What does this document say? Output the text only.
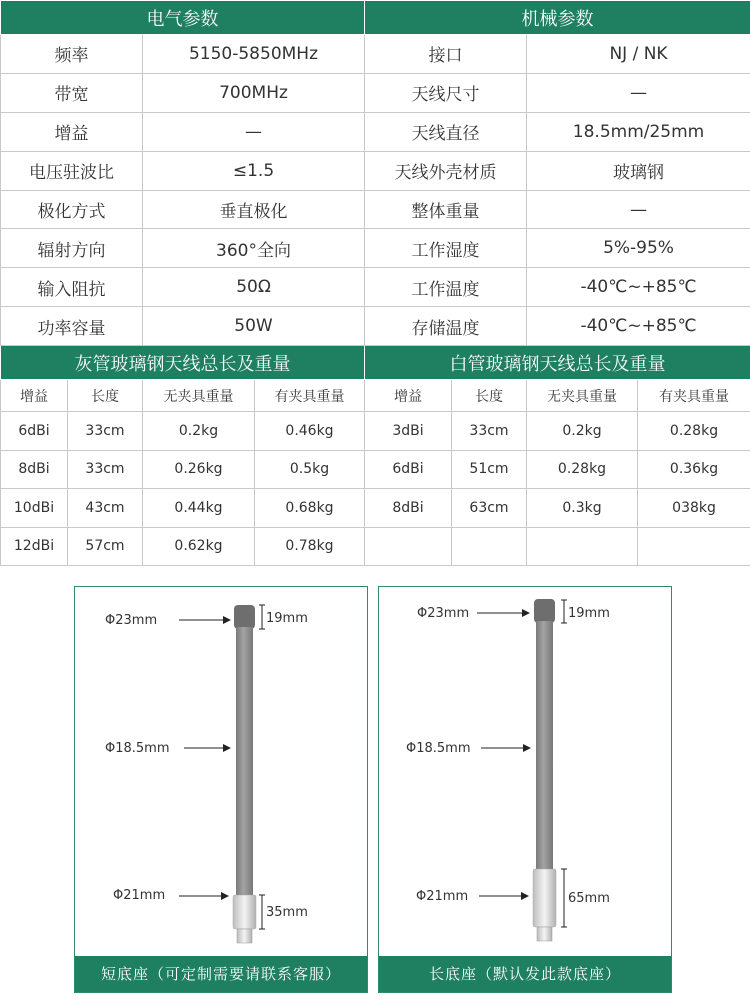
电气参数				机械参数			
频率		5150-5850MHz		接口		NJ / NK	
带宽		700MHz		天线尺寸		—	
增益		—		天线直径		18.5mm/25mm	
电压驻波比		≤1.5		天线外壳材质		玻璃钢	
极化方式		垂直极化		整体重量		—	
辐射方向		360°全向		工作湿度		5%-95%	
输入阻抗		50Ω		工作温度		-40℃~+85℃	
功率容量		50W		存储温度		-40℃~+85℃	
灰管玻璃钢天线总长及重量				白管玻璃钢天线总长及重量			
增益	长度	无夹具重量	有夹具重量	增益	长度	无夹具重量	有夹具重量
6dBi	33cm	0.2kg	0.46kg	3dBi	33cm	0.2kg	0.28kg
8dBi	33cm	0.26kg	0.5kg	6dBi	51cm	0.28kg	0.36kg
10dBi	43cm	0.44kg	0.68kg	8dBi	63cm	0.3kg	038kg
12dBi	57cm	0.62kg	0.78kg				
19mm
Φ23mm
Φ18.5mm
Φ21mm
35mm
短底座（可定制需要请联系客服）
19mm
Φ23mm
Φ18.5mm
Φ21mm	65mm
长底座（默认发此款底座）
